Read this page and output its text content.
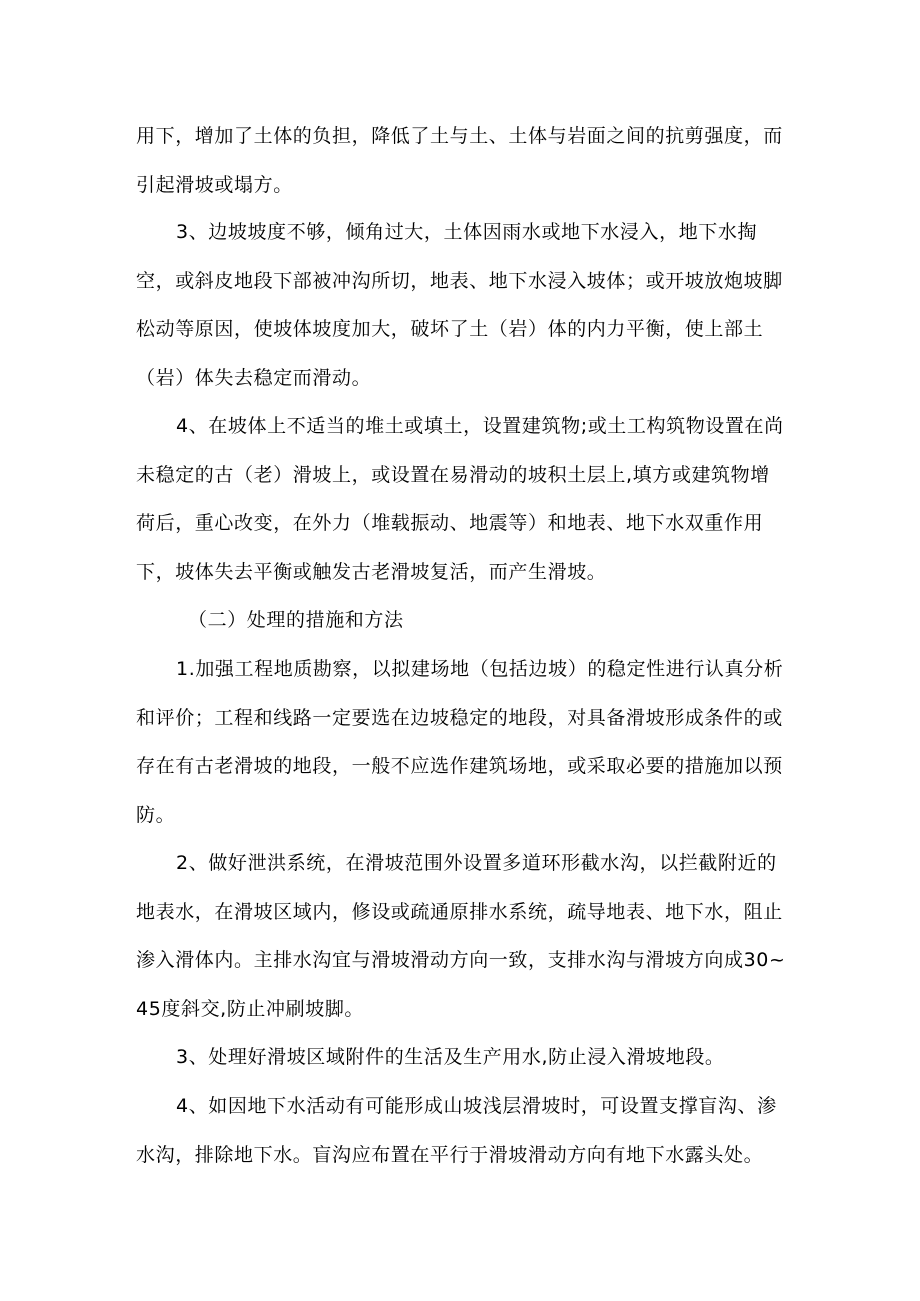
用下，增加了土体的负担，降低了土与土、土体与岩面之间的抗剪强度，而引起滑坡或塌方。

3、边坡坡度不够，倾角过大，土体因雨水或地下水浸入，地下水掏空，或斜皮地段下部被冲沟所切，地表、地下水浸入坡体；或开坡放炮坡脚松动等原因，使坡体坡度加大，破坏了土（岩）体的内力平衡，使上部土（岩）体失去稳定而滑动。

4、在坡体上不适当的堆土或填土，设置建筑物;或土工构筑物设置在尚未稳定的古（老）滑坡上，或设置在易滑动的坡积土层上,填方或建筑物增荷后，重心改变，在外力（堆载振动、地震等）和地表、地下水双重作用下，坡体失去平衡或触发古老滑坡复活，而产生滑坡。

（二）处理的措施和方法

1.加强工程地质勘察，以拟建场地（包括边坡）的稳定性进行认真分析和评价；工程和线路一定要选在边坡稳定的地段，对具备滑坡形成条件的或存在有古老滑坡的地段，一般不应选作建筑场地，或采取必要的措施加以预防。

2、做好泄洪系统，在滑坡范围外设置多道环形截水沟，以拦截附近的地表水，在滑坡区域内，修设或疏通原排水系统，疏导地表、地下水，阻止渗入滑体内。主排水沟宜与滑坡滑动方向一致，支排水沟与滑坡方向成30~45度斜交,防止冲刷坡脚。

3、处理好滑坡区域附件的生活及生产用水,防止浸入滑坡地段。

4、如因地下水活动有可能形成山坡浅层滑坡时，可设置支撑盲沟、渗水沟，排除地下水。盲沟应布置在平行于滑坡滑动方向有地下水露头处。
